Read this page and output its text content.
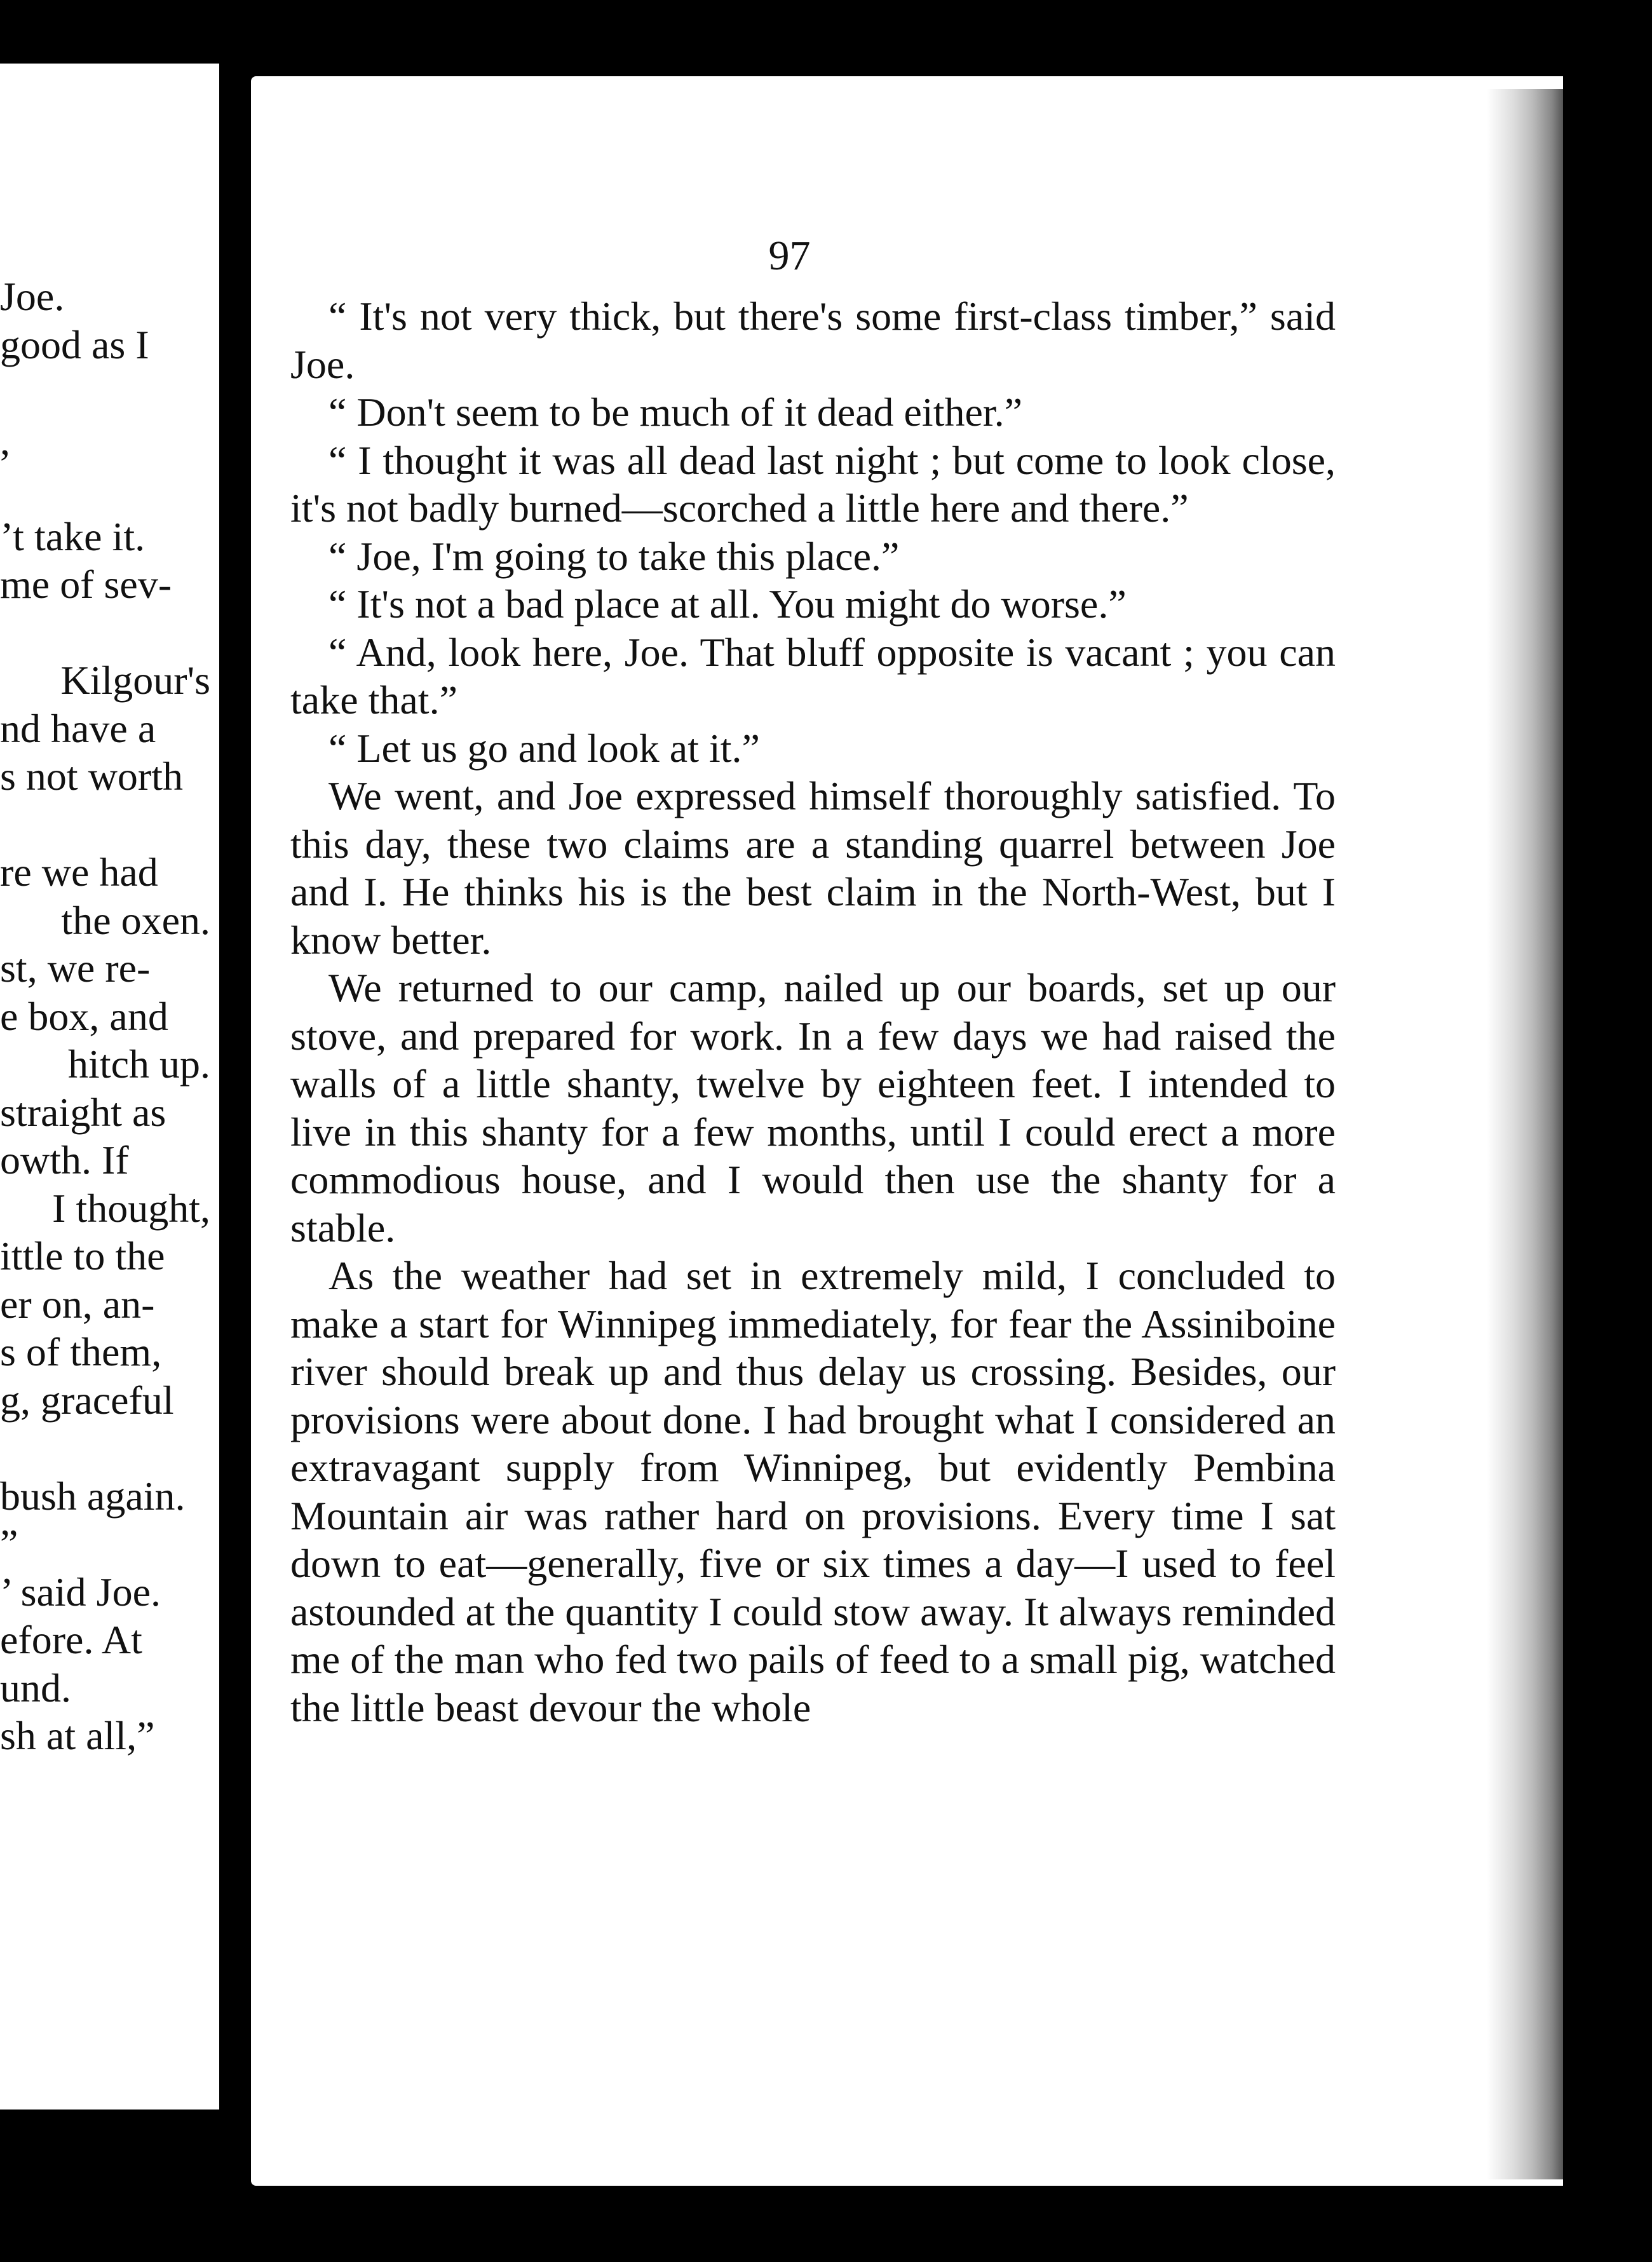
Joe.
good as I
,
’t take it.
me of sev-
Kilgour's
nd have a
s not worth
re we had
the oxen.
st, we re-
e box, and
hitch up.
straight as
owth. If
I thought,
ittle to the
er on, an-
s of them,
g, graceful
bush again.
”
’ said Joe.
efore. At
und.
sh at all,”
97

“ It's not very thick, but there's some first-class timber,” said Joe.

“ Don't seem to be much of it dead either.”

“ I thought it was all dead last night ; but come to look close, it's not badly burned—scorched a little here and there.”

“ Joe, I'm going to take this place.”

“ It's not a bad place at all. You might do worse.”

“ And, look here, Joe. That bluff opposite is vacant ; you can take that.”

“ Let us go and look at it.”

We went, and Joe expressed himself thoroughly satisfied. To this day, these two claims are a standing quarrel between Joe and I. He thinks his is the best claim in the North-West, but I know better.

We returned to our camp, nailed up our boards, set up our stove, and prepared for work. In a few days we had raised the walls of a little shanty, twelve by eighteen feet. I intended to live in this shanty for a few months, until I could erect a more commodious house, and I would then use the shanty for a stable.

As the weather had set in extremely mild, I concluded to make a start for Winnipeg immediately, for fear the Assiniboine river should break up and thus delay us crossing. Besides, our provisions were about done. I had brought what I considered an extravagant supply from Winnipeg, but evidently Pembina Mountain air was rather hard on provisions. Every time I sat down to eat—generally, five or six times a day—I used to feel astounded at the quantity I could stow away. It always reminded me of the man who fed two pails of feed to a small pig, watched the little beast devour the whole
